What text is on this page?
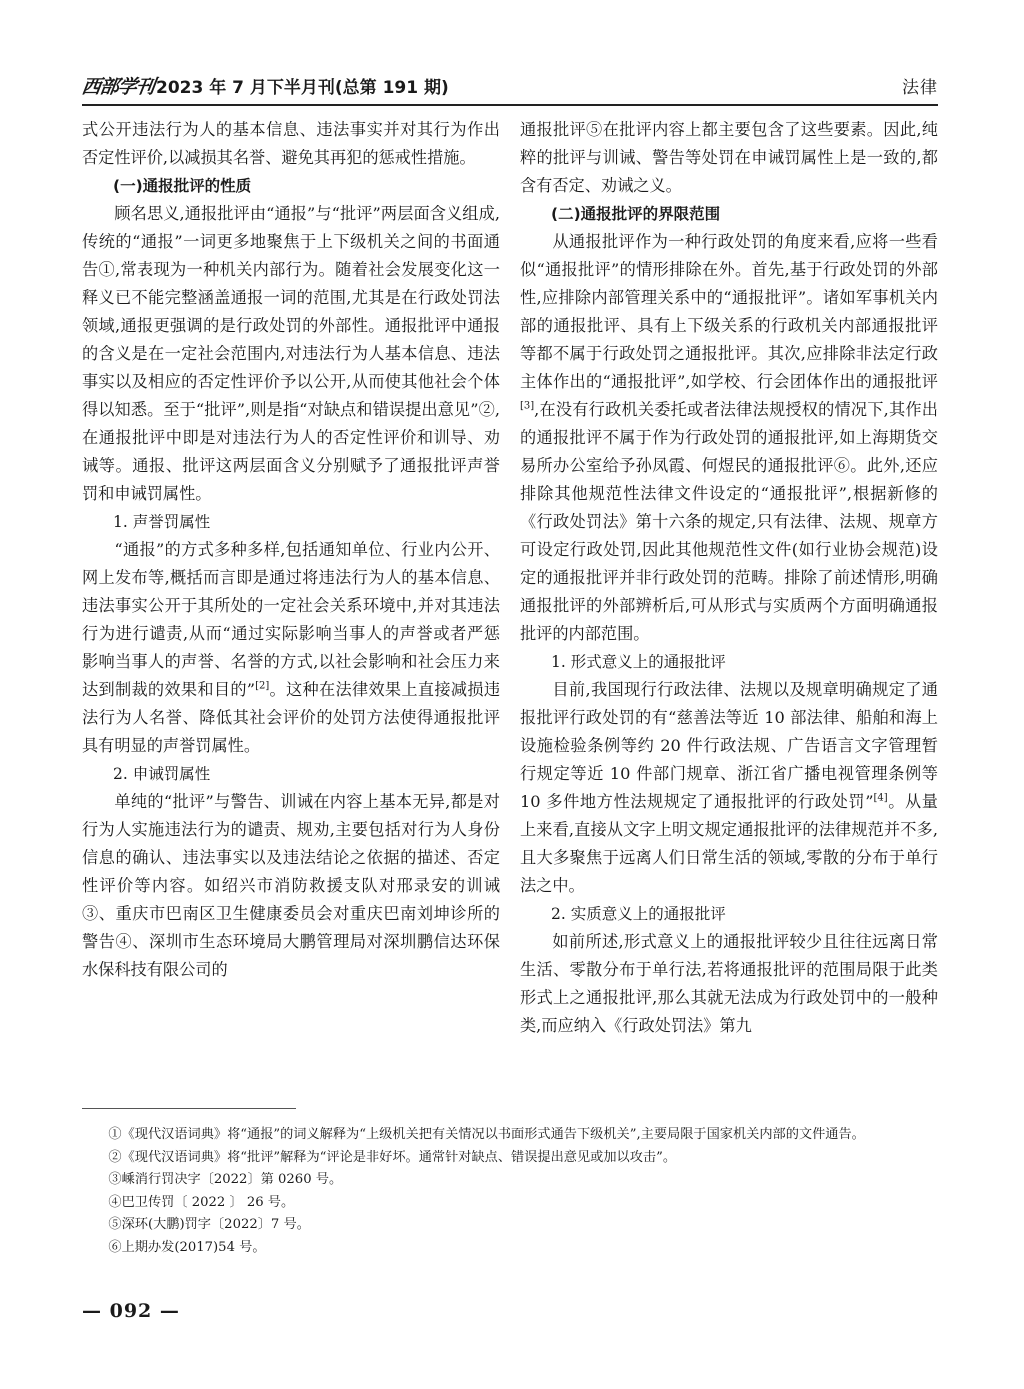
西部学刊 2023 年 7 月下半月刊(总第 191 期)	法律

式公开违法行为人的基本信息、违法事实并对其行为作出否定性评价,以减损其名誉、避免其再犯的惩戒性措施。

(一)通报批评的性质

顾名思义,通报批评由“通报”与“批评”两层面含义组成,传统的“通报”一词更多地聚焦于上下级机关之间的书面通告①,常表现为一种机关内部行为。随着社会发展变化这一释义已不能完整涵盖通报一词的范围,尤其是在行政处罚法领域,通报更强调的是行政处罚的外部性。通报批评中通报的含义是在一定社会范围内,对违法行为人基本信息、违法事实以及相应的否定性评价予以公开,从而使其他社会个体得以知悉。至于“批评”,则是指“对缺点和错误提出意见”②,在通报批评中即是对违法行为人的否定性评价和训导、劝诫等。通报、批评这两层面含义分别赋予了通报批评声誉罚和申诫罚属性。

1. 声誉罚属性

“通报”的方式多种多样,包括通知单位、行业内公开、网上发布等,概括而言即是通过将违法行为人的基本信息、违法事实公开于其所处的一定社会关系环境中,并对其违法行为进行谴责,从而“通过实际影响当事人的声誉或者严惩影响当事人的声誉、名誉的方式,以社会影响和社会压力来达到制裁的效果和目的”[2]。这种在法律效果上直接减损违法行为人名誉、降低其社会评价的处罚方法使得通报批评具有明显的声誉罚属性。

2. 申诫罚属性

单纯的“批评”与警告、训诫在内容上基本无异,都是对行为人实施违法行为的谴责、规劝,主要包括对行为人身份信息的确认、违法事实以及违法结论之依据的描述、否定性评价等内容。如绍兴市消防救援支队对邢录安的训诫③、重庆市巴南区卫生健康委员会对重庆巴南刘坤诊所的警告④、深圳市生态环境局大鹏管理局对深圳鹏信达环保水保科技有限公司的

通报批评⑤在批评内容上都主要包含了这些要素。因此,纯粹的批评与训诫、警告等处罚在申诫罚属性上是一致的,都含有否定、劝诫之义。

(二)通报批评的界限范围

从通报批评作为一种行政处罚的角度来看,应将一些看似“通报批评”的情形排除在外。首先,基于行政处罚的外部性,应排除内部管理关系中的“通报批评”。诸如军事机关内部的通报批评、具有上下级关系的行政机关内部通报批评等都不属于行政处罚之通报批评。其次,应排除非法定行政主体作出的“通报批评”,如学校、行会团体作出的通报批评[3],在没有行政机关委托或者法律法规授权的情况下,其作出的通报批评不属于作为行政处罚的通报批评,如上海期货交易所办公室给予孙凤霞、何煜民的通报批评⑥。此外,还应排除其他规范性法律文件设定的“通报批评”,根据新修的《行政处罚法》第十六条的规定,只有法律、法规、规章方可设定行政处罚,因此其他规范性文件(如行业协会规范)设定的通报批评并非行政处罚的范畴。排除了前述情形,明确通报批评的外部辨析后,可从形式与实质两个方面明确通报批评的内部范围。

1. 形式意义上的通报批评

目前,我国现行行政法律、法规以及规章明确规定了通报批评行政处罚的有“慈善法等近 10 部法律、船舶和海上设施检验条例等约 20 件行政法规、广告语言文字管理暂行规定等近 10 件部门规章、浙江省广播电视管理条例等 10 多件地方性法规规定了通报批评的行政处罚”[4]。从量上来看,直接从文字上明文规定通报批评的法律规范并不多,且大多聚焦于远离人们日常生活的领域,零散的分布于单行法之中。

2. 实质意义上的通报批评

如前所述,形式意义上的通报批评较少且往往远离日常生活、零散分布于单行法,若将通报批评的范围局限于此类形式上之通报批评,那么其就无法成为行政处罚中的一般种类,而应纳入《行政处罚法》第九

①《现代汉语词典》将“通报”的词义解释为“上级机关把有关情况以书面形式通告下级机关”,主要局限于国家机关内部的文件通告。

②《现代汉语词典》将“批评”解释为“评论是非好坏。通常针对缺点、错误提出意见或加以攻击”。

③嵊消行罚决字〔2022〕第 0260 号。

④巴卫传罚〔 2022 〕 26 号。

⑤深环(大鹏)罚字〔2022〕7 号。

⑥上期办发(2017)54 号。

— 092 —
